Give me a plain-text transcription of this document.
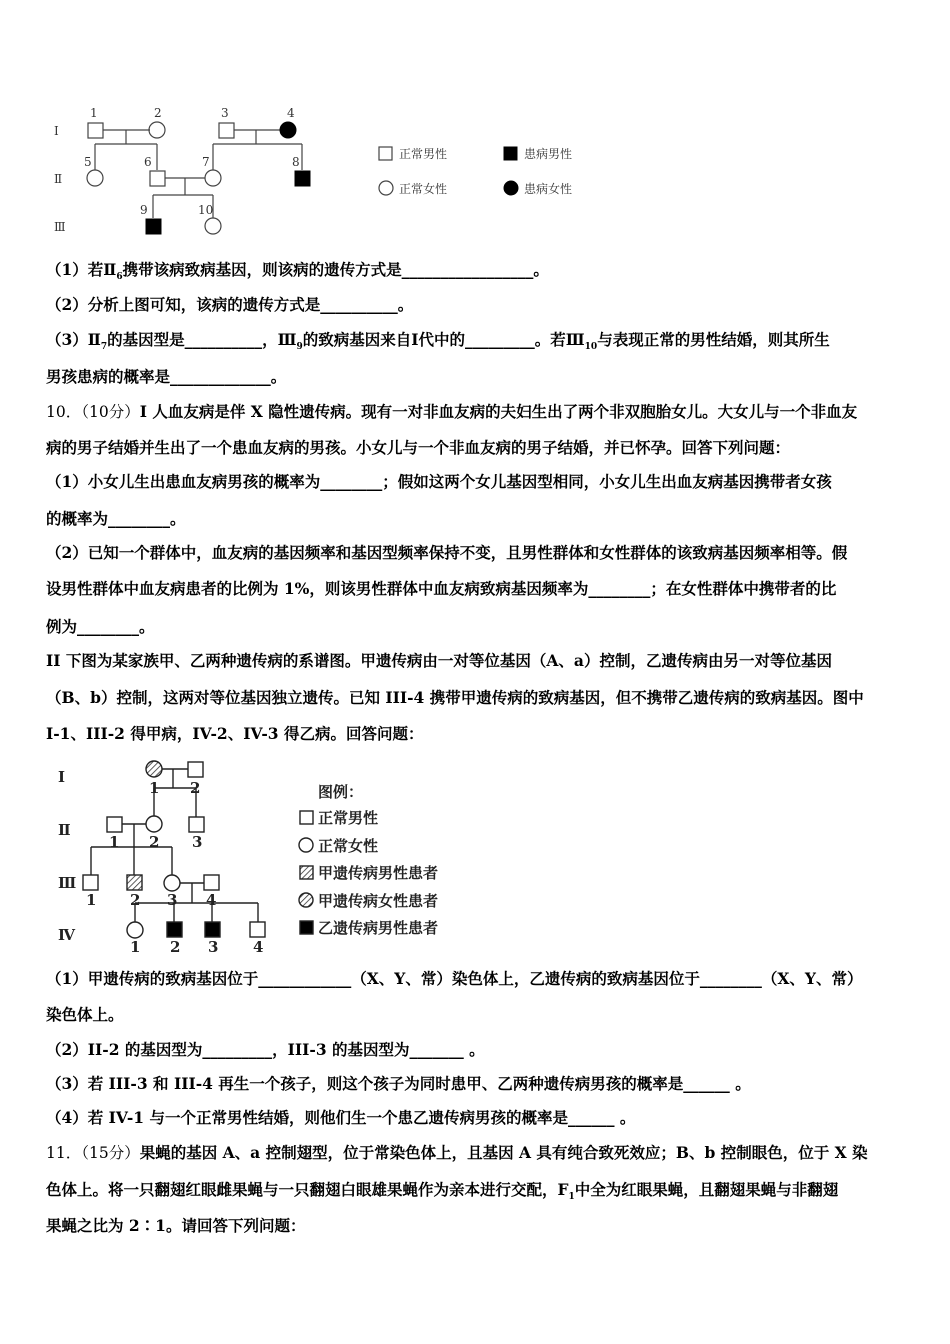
Ⅰ
Ⅱ
Ⅲ
1	2	3	4
5	6	7	8
9	10
正常男性	患病男性
正常女性	患病女性
（1）若$Ⅱ_6$携带该病致病基因，则该病的遗传方式是_________________。
（2）分析上图可知，该病的遗传方式是__________。
$(3)Ⅱ_7$的基因型是__________，$Ⅲ_9$的致病基因来自Ⅰ代中的_________。若$Ⅲ_{10}$与表现正常的男性结婚，则其所生
男孩患病的概率是_____________。
10．（10分）I 人血友病是伴 X 隐性遗传病。现有一对非血友病的夫妇生出了两个非双胞胎女儿。大女儿与一个非血友
病的男子结婚并生出了一个患血友病的男孩。小女儿与一个非血友病的男子结婚，并已怀孕。回答下列问题：
（1）小女儿生出患血友病男孩的概率为________；假如这两个女儿基因型相同，小女儿生出血友病基因携带者女孩
的概率为________。
（2）已知一个群体中，血友病的基因频率和基因型频率保持不变，且男性群体和女性群体的该致病基因频率相等。假
设男性群体中血友病患者的比例为 1%，则该男性群体中血友病致病基因频率为________；在女性群体中携带者的比
例为________。
II 下图为某家族甲、乙两种遗传病的系谱图。甲遗传病由一对等位基因（A、a）控制，乙遗传病由另一对等位基因
（B、b）控制，这两对等位基因独立遗传。已知 III-4 携带甲遗传病的致病基因，但不携带乙遗传病的致病基因。图中
I-1、III-2 得甲病，IV-2、IV-3 得乙病。回答问题：
Ⅰ
Ⅱ
Ⅲ
Ⅳ
1 2
1 2 3
1 2 3 4
1 2 3 4
图例：
正常男性
正常女性
甲遗传病男性患者
甲遗传病女性患者
乙遗传病男性患者
（1）甲遗传病的致病基因位于____________（X、Y、常）染色体上，乙遗传病的致病基因位于________（X、Y、常）
染色体上。
（2）II-2 的基因型为_________，III-3 的基因型为_______ 。
（3）若 III-3 和 III-4 再生一个孩子，则这个孩子为同时患甲、乙两种遗传病男孩的概率是______ 。
（4）若 IV-1 与一个正常男性结婚，则他们生一个患乙遗传病男孩的概率是______ 。
11．（15分）果蝇的基因 A、a 控制翅型，位于常染色体上，且基因 A 具有纯合致死效应；B、b 控制眼色，位于 X 染
色体上。将一只翻翅红眼雌果蝇与一只翻翅白眼雄果蝇作为亲本进行交配，$F_1$中全为红眼果蝇，且翻翅果蝇与非翻翅
果蝇之比为 2∶1。请回答下列问题：
